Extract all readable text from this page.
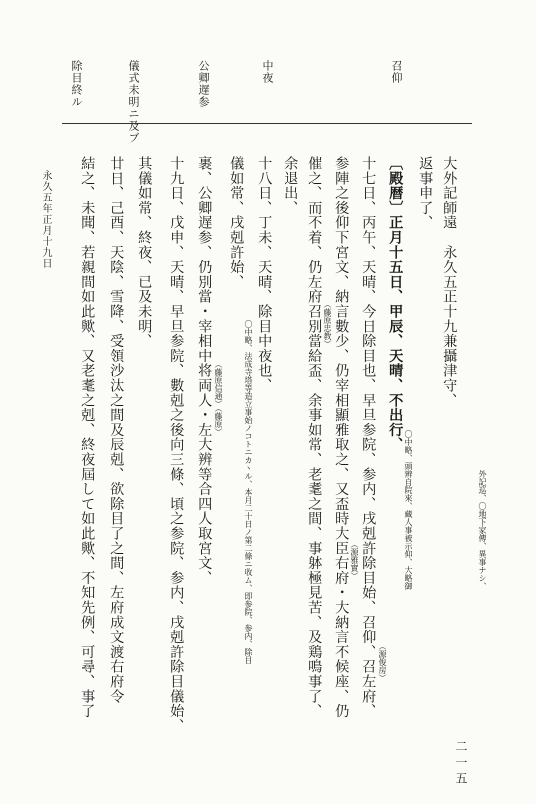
召仰
中夜
公卿遅参
儀式未明ニ及ブ
除目終ル
大外記師遠　永久五正十九兼攝津守、
返事申了、
〔殿暦〕正月十五日、甲辰、天晴、不出行、
十七日、丙午、天晴、今日除目也、早旦参院、参内、戌剋許除目始、召仰、召左府、
参陣之後仰下宮文、納言數少、仍宰相顯雅取之、又盃時大臣右府・大納言不候座、仍
催之、而不着、仍左府召別當給盃、余事如常、老耄之間、事躰極見苦、及鶏鳴事了、
余退出、
十八日、丁未、天晴、除目中夜也、
儀如常、戌剋許始、
裹、公卿遅参、仍別當・宰相中将両人・左大辨等合四人取宮文、
十九日、戊申、天晴、早旦参院、數剋之後向三條、頃之参院、参内、戌剋許除目儀始、
其儀如常、終夜、已及未明、
廿日、己酉、天陰、雪降、受領沙汰之間及辰剋、欲除目了之間、左府成文渡右府令
結之、未聞、若親間如此歟、又老耄之剋、終夜屆して如此歟、不知先例、可尋、事了	外記巡、〇地下家傳、異事ナシ、
〇中略、頭辨自院來、藏人事被示仰、大略御
（源俊房）
（源雅實）
（藤原忠教）
〇中略、法成寺塔等造立事始ノコトニカヽル、本月二十日ノ第二條ニ收ム、即参院、参内、除目
（藤原信通）（藤原）
永久五年正月十九日
二一五
